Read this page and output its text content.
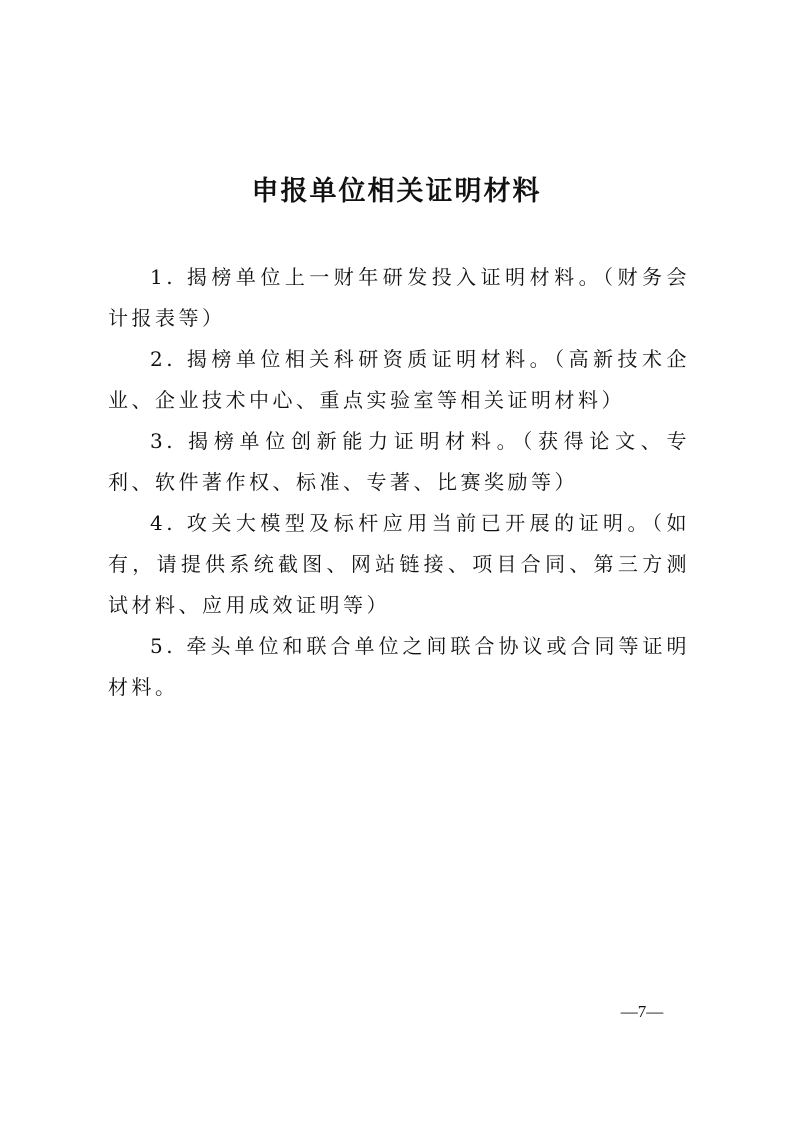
申报单位相关证明材料

1. 揭榜单位上一财年研发投入证明材料。（财务会计报表等）

2. 揭榜单位相关科研资质证明材料。（高新技术企业、企业技术中心、重点实验室等相关证明材料）

3. 揭榜单位创新能力证明材料。（获得论文、专利、软件著作权、标准、专著、比赛奖励等）

4. 攻关大模型及标杆应用当前已开展的证明。（如有，请提供系统截图、网站链接、项目合同、第三方测试材料、应用成效证明等）

5. 牵头单位和联合单位之间联合协议或合同等证明材料。

—7—
